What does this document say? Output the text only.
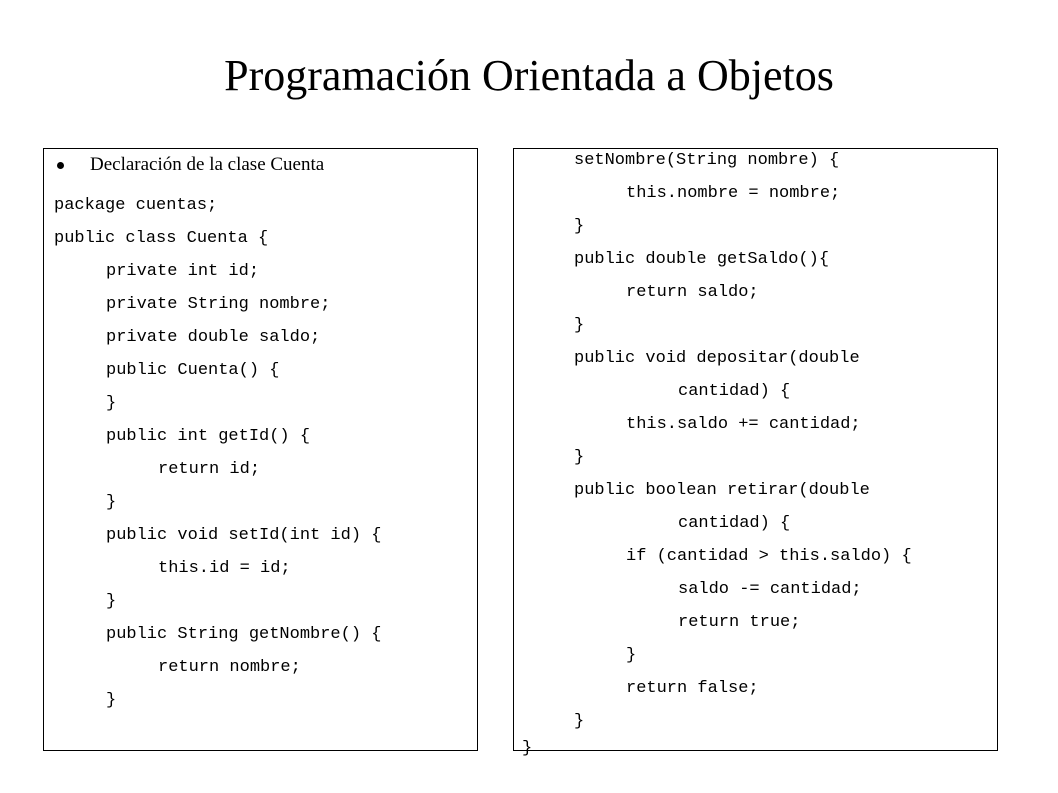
Programación Orientada a Objetos
Declaración de la clase Cuenta

package cuentas;

public class Cuenta {

private int id;

private String nombre;

private double saldo;

public Cuenta() {

}

public int getId() {

return id;

}

public void setId(int id) {

this.id = id;

}

public String getNombre() {

return nombre;

}

setNombre(String nombre) {

this.nombre = nombre;

}

public double getSaldo(){

return saldo;

}

public void depositar(double

cantidad) {

this.saldo += cantidad;

}

public boolean retirar(double

cantidad) {

if (cantidad > this.saldo) {

saldo -= cantidad;

return true;

}

return false;

}

}
